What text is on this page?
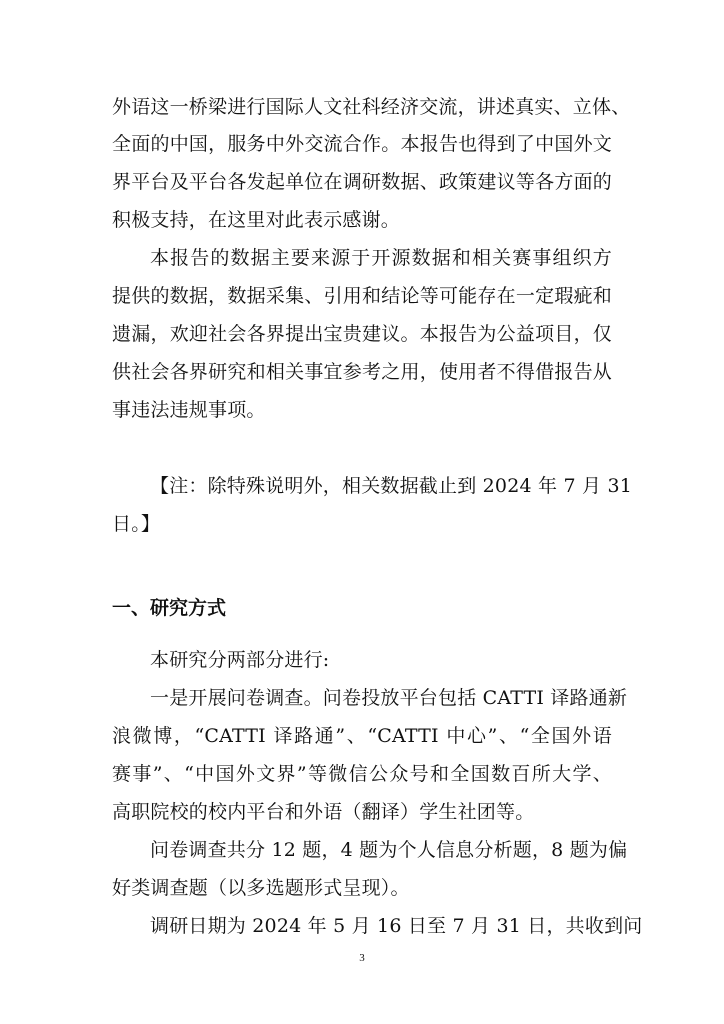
外语这一桥梁进行国际人文社科经济交流，讲述真实、立体、
全面的中国，服务中外交流合作。本报告也得到了中国外文
界平台及平台各发起单位在调研数据、政策建议等各方面的
积极支持，在这里对此表示感谢。
本报告的数据主要来源于开源数据和相关赛事组织方
提供的数据，数据采集、引用和结论等可能存在一定瑕疵和
遗漏，欢迎社会各界提出宝贵建议。本报告为公益项目，仅
供社会各界研究和相关事宜参考之用，使用者不得借报告从
事违法违规事项。
【注：除特殊说明外，相关数据截止到 2024 年 7 月 31
日。】
一、研究方式
本研究分两部分进行:
一是开展问卷调查。问卷投放平台包括 CATTI 译路通新
浪微博，“CATTI 译路通”、“CATTI 中心”、“全国外语
赛事”、“中国外文界”等微信公众号和全国数百所大学、
高职院校的校内平台和外语（翻译）学生社团等。
问卷调查共分 12 题，4 题为个人信息分析题，8 题为偏
好类调查题（以多选题形式呈现）。
调研日期为 2024 年 5 月 16 日至 7 月 31 日，共收到问
3
